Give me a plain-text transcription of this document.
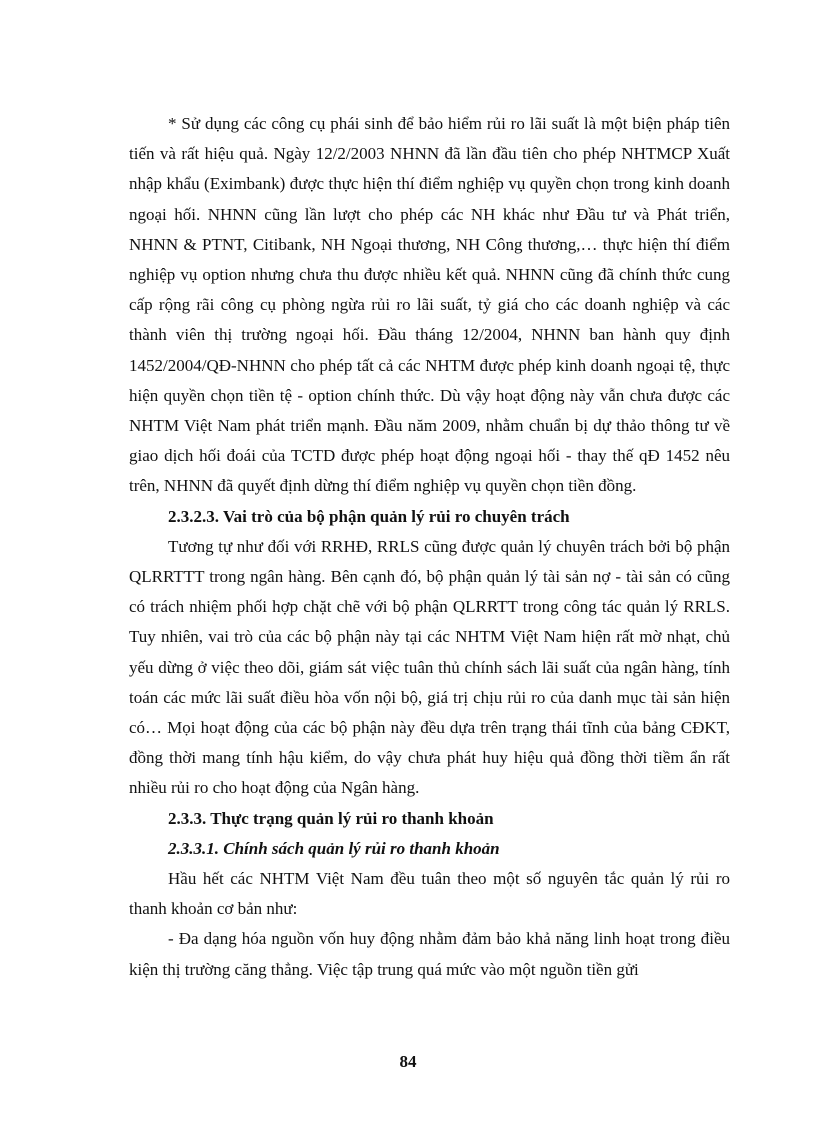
* Sử dụng các công cụ phái sinh để bảo hiểm rủi ro lãi suất là một biện pháp tiên tiến và rất hiệu quả. Ngày 12/2/2003 NHNN đã lần đầu tiên cho phép NHTMCP Xuất nhập khẩu (Eximbank) được thực hiện thí điểm nghiệp vụ quyền chọn trong kinh doanh ngoại hối. NHNN cũng lần lượt cho phép các NH khác như Đầu tư và Phát triển, NHNN & PTNT, Citibank, NH Ngoại thương, NH Công thương,… thực hiện thí điểm nghiệp vụ option nhưng chưa thu được nhiều kết quả. NHNN cũng đã chính thức cung cấp rộng rãi công cụ phòng ngừa rủi ro lãi suất, tỷ giá cho các doanh nghiệp và các thành viên thị trường ngoại hối. Đầu tháng 12/2004, NHNN ban hành quy định 1452/2004/QĐ-NHNN cho phép tất cả các NHTM được phép kinh doanh ngoại tệ, thực hiện quyền chọn tiền tệ - option chính thức. Dù vậy hoạt động này vẫn chưa được các NHTM Việt Nam phát triển mạnh. Đầu năm 2009, nhằm chuẩn bị dự thảo thông tư về giao dịch hối đoái của TCTD được phép hoạt động ngoại hối - thay thế qĐ 1452 nêu trên, NHNN đã quyết định dừng thí điểm nghiệp vụ quyền chọn tiền đồng.

2.3.2.3. Vai trò của bộ phận quản lý rủi ro chuyên trách

Tương tự như đối với RRHĐ, RRLS cũng được quản lý chuyên trách bởi bộ phận QLRRTTT trong ngân hàng. Bên cạnh đó, bộ phận quản lý tài sản nợ - tài sản có cũng có trách nhiệm phối hợp chặt chẽ với bộ phận QLRRTT trong công tác quản lý RRLS. Tuy nhiên, vai trò của các bộ phận này tại các NHTM Việt Nam hiện rất mờ nhạt, chủ yếu dừng ở việc theo dõi, giám sát việc tuân thủ chính sách lãi suất của ngân hàng, tính toán các mức lãi suất điều hòa vốn nội bộ, giá trị chịu rủi ro của danh mục tài sản hiện có… Mọi hoạt động của các bộ phận này đều dựa trên trạng thái tĩnh của bảng CĐKT, đồng thời mang tính hậu kiểm, do vậy chưa phát huy hiệu quả đồng thời tiềm ẩn rất nhiều rủi ro cho hoạt động của Ngân hàng.

2.3.3. Thực trạng quản lý rủi ro thanh khoản

2.3.3.1. Chính sách quản lý rủi ro thanh khoản

Hầu hết các NHTM Việt Nam đều tuân theo một số nguyên tắc quản lý rủi ro thanh khoản cơ bản như:

- Đa dạng hóa nguồn vốn huy động nhằm đảm bảo khả năng linh hoạt trong điều kiện thị trường căng thẳng. Việc tập trung quá mức vào một nguồn tiền gửi

84
